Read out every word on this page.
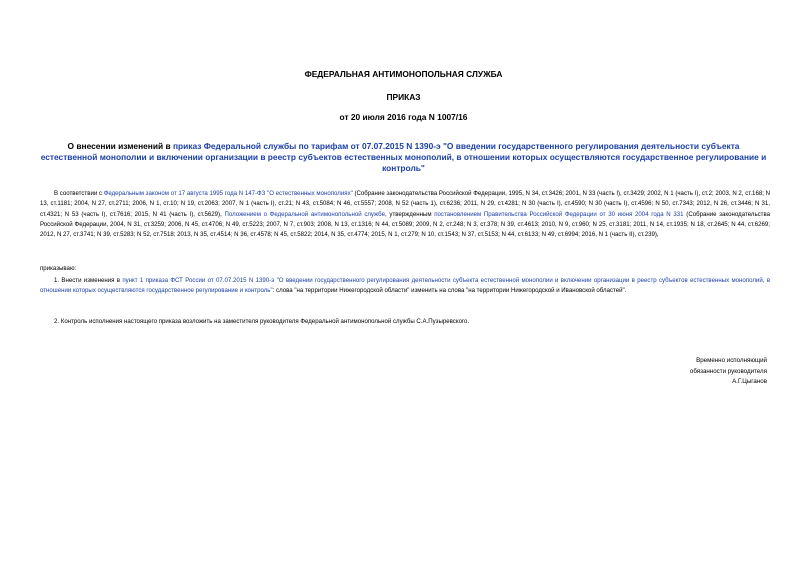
ФЕДЕРАЛЬНАЯ АНТИМОНОПОЛЬНАЯ СЛУЖБА
ПРИКАЗ
от 20 июля 2016 года N 1007/16
О внесении изменений в приказ Федеральной службы по тарифам от 07.07.2015 N 1390-э "О введении государственного регулирования деятельности субъекта естественной монополии и включении организации в реестр субъектов естественных монополий, в отношении которых осуществляются государственное регулирование и контроль"
В соответствии с Федеральным законом от 17 августа 1995 года N 147-ФЗ "О естественных монополиях" (Собрание законодательства Российской Федерации, 1995, N 34, ст.3426; 2001, N 33 (часть I), ст.3429; 2002, N 1 (часть I), ст.2; 2003, N 2, ст.168; N 13, ст.1181; 2004, N 27, ст.2711; 2006, N 1, ст.10; N 19, ст.2063; 2007, N 1 (часть I), ст.21; N 43, ст.5084; N 46, ст.5557; 2008, N 52 (часть 1), ст.6236; 2011, N 29, ст.4281; N 30 (часть I), ст.4590; N 30 (часть I), ст.4596; N 50, ст.7343; 2012, N 26, ст.3446; N 31, ст.4321; N 53 (часть I), ст.7616; 2015, N 41 (часть I), ст.5629), Положением о Федеральной антимонопольной службе, утвержденным постановлением Правительства Российской Федерации от 30 июня 2004 года N 331 (Собрание законодательства Российской Федерации, 2004, N 31, ст.3259; 2006, N 45, ст.4706; N 49, ст.5223; 2007, N 7, ст.903; 2008, N 13, ст.1316; N 44, ст.5089; 2009, N 2, ст.248; N 3, ст.378; N 39, ст.4613; 2010, N 9, ст.960; N 25, ст.3181; 2011, N 14, ст.1935; N 18, ст.2645; N 44, ст.6269; 2012, N 27, ст.3741; N 39, ст.5283; N 52, ст.7518; 2013, N 35, ст.4514; N 36, ст.4578; N 45, ст.5822; 2014, N 35, ст.4774; 2015, N 1, ст.279; N 10, ст.1543; N 37, ст.5153; N 44, ст.6133; N 49, ст.6994; 2016, N 1 (часть II), ст.239),
приказываю:
1. Внести изменения в пункт 1 приказа ФСТ России от 07.07.2015 N 1390-э "О введении государственного регулирования деятельности субъекта естественной монополии и включении организации в реестр субъектов естественных монополий, в отношении которых осуществляются государственное регулирование и контроль": слова "на территории Нижегородской области" изменить на слова "на территории Нижегородской и Ивановской областей".
2. Контроль исполнения настоящего приказа возложить на заместителя руководителя Федеральной антимонопольной службы С.А.Пузыревского.
Временно исполняющий
обязанности руководителя
А.Г.Цыганов
